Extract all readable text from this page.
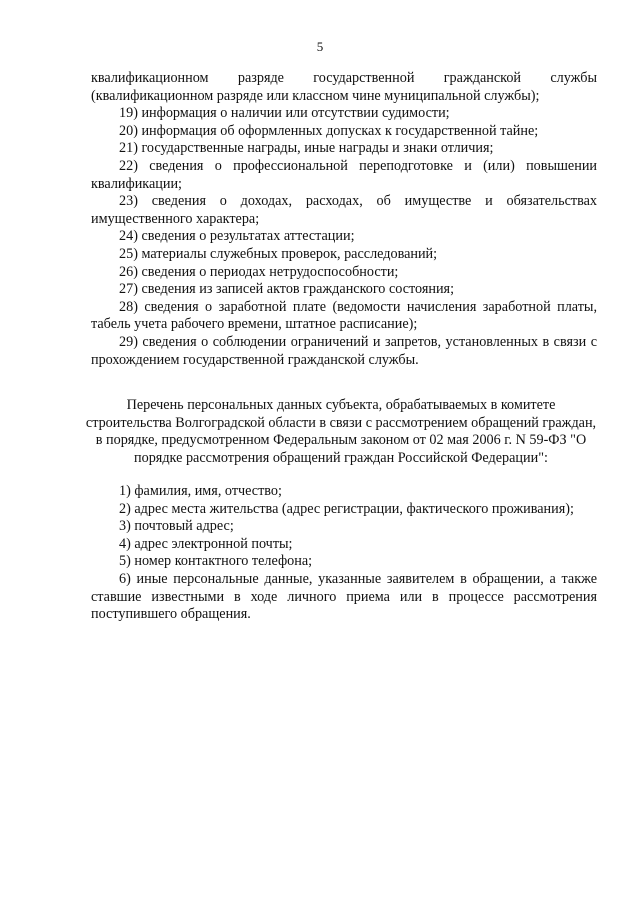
5

квалификационном разряде государственной гражданской службы (квалификационном разряде или классном чине муниципальной службы);

19) информация о наличии или отсутствии судимости;

20) информация об оформленных допусках к государственной тайне;

21) государственные награды, иные награды и знаки отличия;

22) сведения о профессиональной переподготовке и (или) повышении квалификации;

23) сведения о доходах, расходах, об имуществе и обязательствах имущественного характера;

24) сведения о результатах аттестации;

25) материалы служебных проверок, расследований;

26) сведения о периодах нетрудоспособности;

27) сведения из записей актов гражданского состояния;

28) сведения о заработной плате (ведомости начисления заработной платы, табель учета рабочего времени, штатное расписание);

29) сведения о соблюдении ограничений и запретов, установленных в связи с прохождением государственной гражданской службы.

Перечень персональных данных субъекта, обрабатываемых в комитете строительства Волгоградской области в связи с рассмотрением обращений граждан, в порядке, предусмотренном Федеральным законом от 02 мая 2006 г. N 59-ФЗ "О порядке рассмотрения обращений граждан Российской Федерации":

1) фамилия, имя, отчество;

2) адрес места жительства (адрес регистрации, фактического проживания);

3) почтовый адрес;

4) адрес электронной почты;

5) номер контактного телефона;

6) иные персональные данные, указанные заявителем в обращении, а также ставшие известными в ходе личного приема или в процессе рассмотрения поступившего обращения.
